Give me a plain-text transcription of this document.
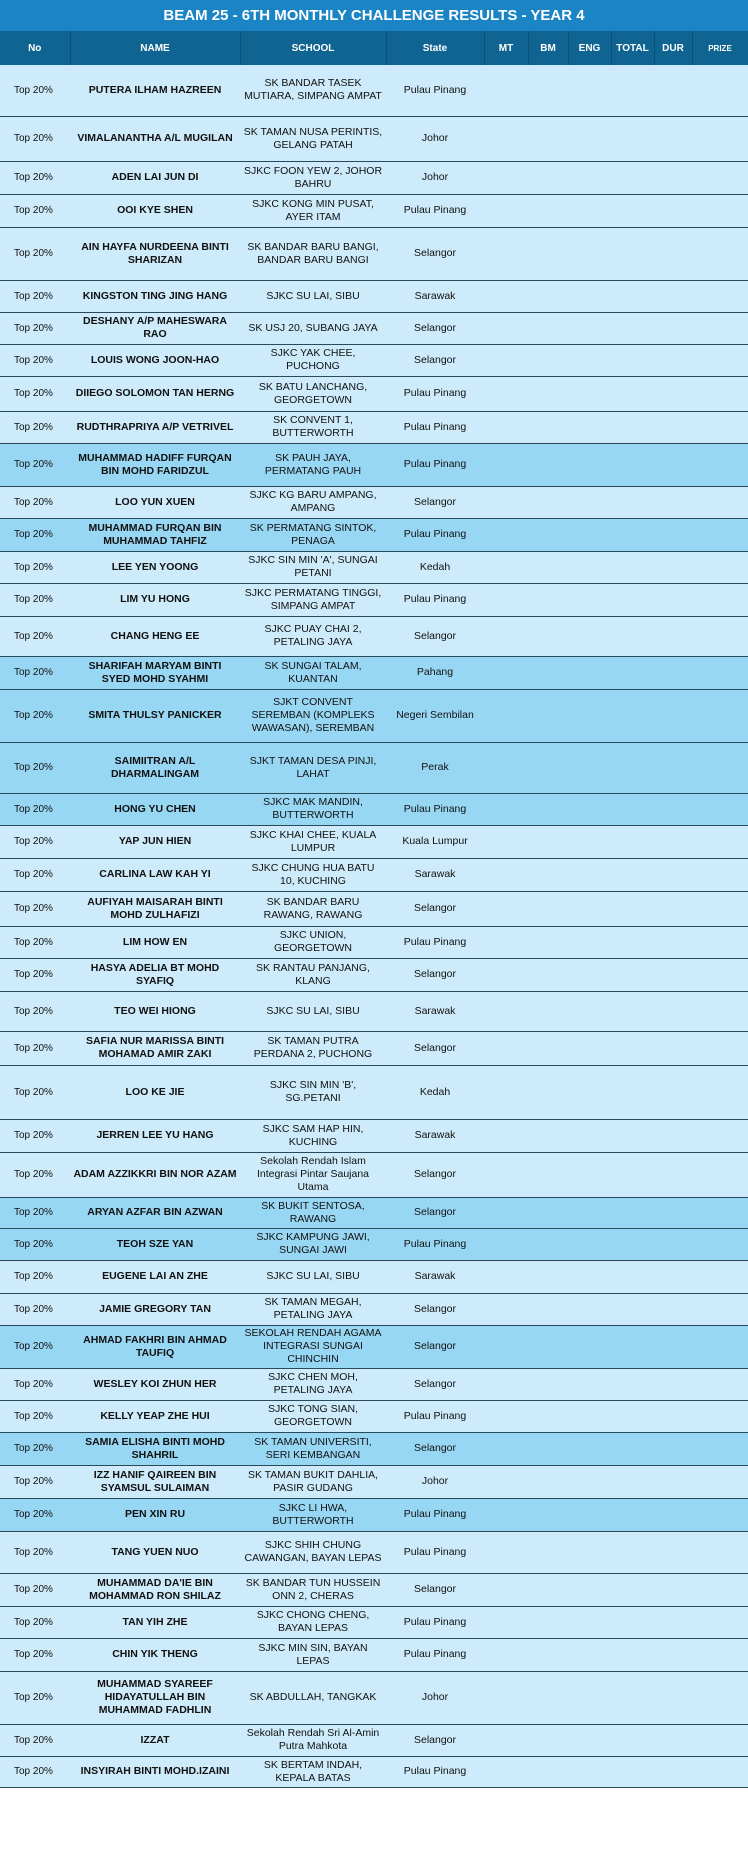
BEAM 25 - 6TH MONTHLY CHALLENGE RESULTS - YEAR 4
No	NAME	SCHOOL	State	MT	BM	ENG	TOTAL	DUR	PRIZE
Top 20%	PUTERA ILHAM HAZREEN	SK BANDAR TASEK MUTIARA, SIMPANG AMPAT	Pulau Pinang						
Top 20%	VIMALANANTHA A/L MUGILAN	SK TAMAN NUSA PERINTIS, GELANG PATAH	Johor						
Top 20%	ADEN LAI JUN DI	SJKC FOON YEW 2, JOHOR BAHRU	Johor						
Top 20%	OOI KYE SHEN	SJKC KONG MIN PUSAT, AYER ITAM	Pulau Pinang						
Top 20%	AIN HAYFA NURDEENA BINTI SHARIZAN	SK BANDAR BARU BANGI, BANDAR BARU BANGI	Selangor						
Top 20%	KINGSTON TING JING HANG	SJKC SU LAI, SIBU	Sarawak						
Top 20%	DESHANY A/P MAHESWARA RAO	SK USJ 20, SUBANG JAYA	Selangor						
Top 20%	LOUIS WONG JOON-HAO	SJKC YAK CHEE, PUCHONG	Selangor						
Top 20%	DIIEGO SOLOMON TAN HERNG	SK BATU LANCHANG, GEORGETOWN	Pulau Pinang						
Top 20%	RUDTHRAPRIYA A/P VETRIVEL	SK CONVENT 1, BUTTERWORTH	Pulau Pinang						
Top 20%	MUHAMMAD HADIFF FURQAN BIN MOHD FARIDZUL	SK PAUH JAYA, PERMATANG PAUH	Pulau Pinang						
Top 20%	LOO YUN XUEN	SJKC KG BARU AMPANG, AMPANG	Selangor						
Top 20%	MUHAMMAD FURQAN BIN MUHAMMAD TAHFIZ	SK PERMATANG SINTOK, PENAGA	Pulau Pinang						
Top 20%	LEE YEN YOONG	SJKC SIN MIN 'A', SUNGAI PETANI	Kedah						
Top 20%	LIM YU HONG	SJKC PERMATANG TINGGI, SIMPANG AMPAT	Pulau Pinang						
Top 20%	CHANG HENG EE	SJKC PUAY CHAI 2, PETALING JAYA	Selangor						
Top 20%	SHARIFAH MARYAM BINTI SYED MOHD SYAHMI	SK SUNGAI TALAM, KUANTAN	Pahang						
Top 20%	SMITA THULSY PANICKER	SJKT CONVENT SEREMBAN (KOMPLEKS WAWASAN), SEREMBAN	Negeri Sembilan						
Top 20%	SAIMIITRAN A/L DHARMALINGAM	SJKT TAMAN DESA PINJI, LAHAT	Perak						
Top 20%	HONG YU CHEN	SJKC MAK MANDIN, BUTTERWORTH	Pulau Pinang						
Top 20%	YAP JUN HIEN	SJKC KHAI CHEE, KUALA LUMPUR	Kuala Lumpur						
Top 20%	CARLINA LAW KAH YI	SJKC CHUNG HUA BATU 10, KUCHING	Sarawak						
Top 20%	AUFIYAH MAISARAH BINTI MOHD ZULHAFIZI	SK BANDAR BARU RAWANG, RAWANG	Selangor						
Top 20%	LIM HOW EN	SJKC UNION, GEORGETOWN	Pulau Pinang						
Top 20%	HASYA ADELIA BT MOHD SYAFIQ	SK RANTAU PANJANG, KLANG	Selangor						
Top 20%	TEO WEI HIONG	SJKC SU LAI, SIBU	Sarawak						
Top 20%	SAFIA NUR MARISSA BINTI MOHAMAD AMIR ZAKI	SK TAMAN PUTRA PERDANA 2, PUCHONG	Selangor						
Top 20%	LOO KE JIE	SJKC SIN MIN 'B', SG.PETANI	Kedah						
Top 20%	JERREN LEE YU HANG	SJKC SAM HAP HIN, KUCHING	Sarawak						
Top 20%	ADAM AZZIKKRI BIN NOR AZAM	Sekolah Rendah Islam Integrasi Pintar Saujana Utama	Selangor						
Top 20%	ARYAN AZFAR BIN AZWAN	SK BUKIT SENTOSA, RAWANG	Selangor						
Top 20%	TEOH SZE YAN	SJKC KAMPUNG JAWI, SUNGAI JAWI	Pulau Pinang						
Top 20%	EUGENE LAI AN ZHE	SJKC SU LAI, SIBU	Sarawak						
Top 20%	JAMIE GREGORY TAN	SK TAMAN MEGAH, PETALING JAYA	Selangor						
Top 20%	AHMAD FAKHRI BIN AHMAD TAUFIQ	SEKOLAH RENDAH AGAMA INTEGRASI SUNGAI CHINCHIN	Selangor						
Top 20%	WESLEY KOI ZHUN HER	SJKC CHEN MOH, PETALING JAYA	Selangor						
Top 20%	KELLY YEAP ZHE HUI	SJKC TONG SIAN, GEORGETOWN	Pulau Pinang						
Top 20%	SAMIA ELISHA BINTI MOHD SHAHRIL	SK TAMAN UNIVERSITI, SERI KEMBANGAN	Selangor						
Top 20%	IZZ HANIF QAIREEN BIN SYAMSUL SULAIMAN	SK TAMAN BUKIT DAHLIA, PASIR GUDANG	Johor						
Top 20%	PEN XIN RU	SJKC LI HWA, BUTTERWORTH	Pulau Pinang						
Top 20%	TANG YUEN NUO	SJKC SHIH CHUNG CAWANGAN, BAYAN LEPAS	Pulau Pinang						
Top 20%	MUHAMMAD DA'IE BIN MOHAMMAD RON SHILAZ	SK BANDAR TUN HUSSEIN ONN 2, CHERAS	Selangor						
Top 20%	TAN YIH ZHE	SJKC CHONG CHENG, BAYAN LEPAS	Pulau Pinang						
Top 20%	CHIN YIK THENG	SJKC MIN SIN, BAYAN LEPAS	Pulau Pinang						
Top 20%	MUHAMMAD SYAREEF HIDAYATULLAH BIN MUHAMMAD FADHLIN	SK ABDULLAH, TANGKAK	Johor						
Top 20%	IZZAT	Sekolah Rendah Sri Al-Amin Putra Mahkota	Selangor						
Top 20%	INSYIRAH BINTI MOHD.IZAINI	SK BERTAM INDAH, KEPALA BATAS	Pulau Pinang						
